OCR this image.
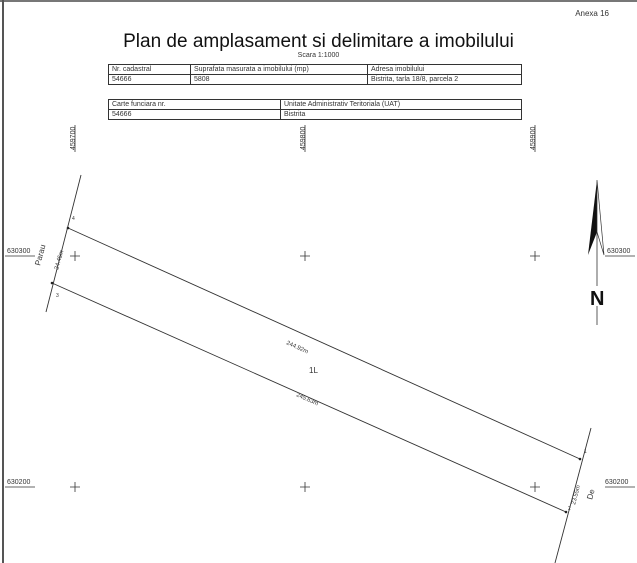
Anexa 16
Plan de amplasament si delimitare a imobilului
Scara 1:1000
Nr. cadastral	Suprafata masurata a imobilului (mp)	Adresa imobilului
54666	5808	Bistrita, tarla 18/8, parcela 2
Carte funciara nr.	Unitate Administrativ Teritoriala (UAT)
54666	Bistrita
459700	459800	459900
630300
630200
630300
630200
4
3
1
2
244.92m
245.63m
24.45m
23.55m
1L
Parau
De
N
